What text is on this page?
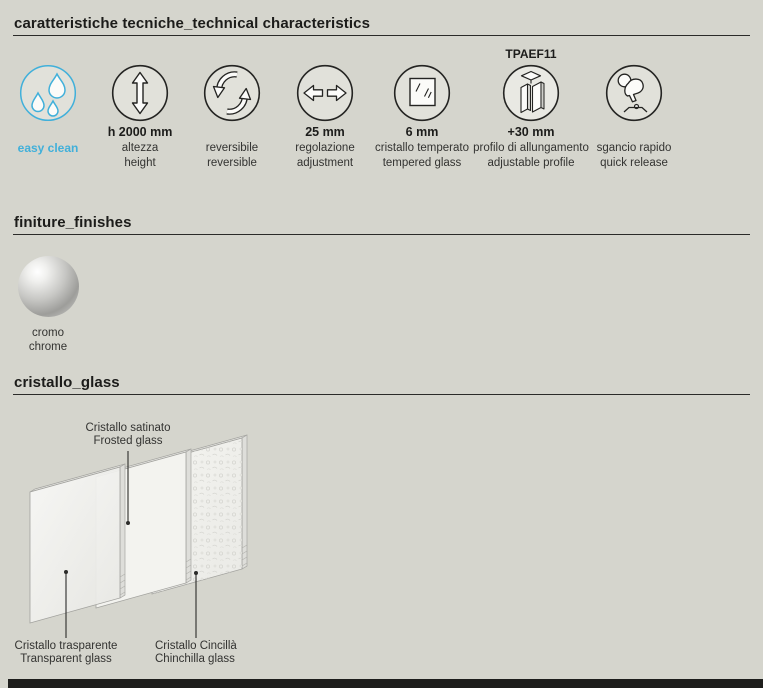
caratteristiche tecniche_technical characteristics
easy clean
h 2000 mm
altezza
height
reversibile
reversible
25 mm
regolazione
adjustment
6 mm
cristallo temperato
tempered glass
TPAEF11
+30 mm
profilo di allungamento
adjustable profile
sgancio rapido
quick release
finiture_finishes
cromo
chrome
cristallo_glass
Cristallo satinato
Frosted glass
Cristallo trasparente
Transparent glass
Cristallo Cincillà
Chinchilla glass
